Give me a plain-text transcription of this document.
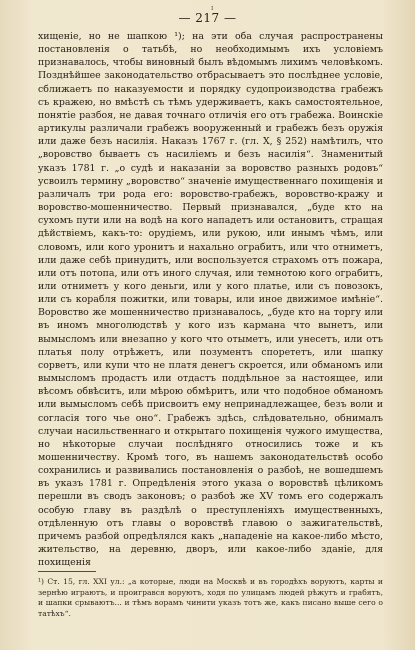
ɪ
— 217 —

хищенiе, но не шапкою ¹); на эти оба случая распространены постановленiя о татьбѣ, но необходимымъ ихъ условiемъ признавалось, чтобы виновный былъ вѣдомымъ лихимъ человѣкомъ. Позднѣйшее законодательство отбрасываетъ это послѣднее условiе, сближаетъ по наказуемости и порядку судопроизводства грабежъ съ кражею, но вмѣстѣ съ тѣмъ удерживаетъ, какъ самостоятельное, понятiе разбоя, не давая точнаго отличiя его отъ грабежа. Воинскiе артикулы различали грабежъ вооруженный и грабежъ безъ оружiя или даже безъ насилiя. Наказъ 1767 г. (гл. X, § 252) намѣтилъ, что „воровство бываетъ съ насилiемъ и безъ насилiя“. Знаменитый указъ 1781 г. „о судѣ и наказанiи за воровство разныхъ родовъ“ усвоилъ термину „воровство“ значенiе имущественнаго похищенiя и различалъ три рода его: воровство-грабежъ, воровство-кражу и воровство-мошенничество. Первый признавался, „буде кто на сухомъ пути или на водѣ на кого нападетъ или остановитъ, стращая дѣйствiемъ, какъ-то: орудiемъ, или рукою, или инымъ чѣмъ, или словомъ, или кого уронитъ и нахально ограбитъ, или что отниметъ, или даже себѣ принудитъ, или воспользуется страхомъ отъ пожара, или отъ потопа, или отъ иного случая, или темнотою кого ограбитъ, или отниметъ у кого деньги, или у кого платье, или съ повозокъ, или съ корабля пожитки, или товары, или иное движимое имѣнiе“. Воровство же мошенничество признавалось, „буде кто на торгу или въ иномъ многолюдствѣ у кого изъ кармана что вынетъ, или вымысломъ или внезапно у кого что отыметъ, или унесетъ, или отъ платья полу отрѣжетъ, или позументъ спорететъ, или шапку сорветъ, или купи что не платя денегъ скроется, или обманомъ или вымысломъ продастъ или отдастъ поддѣльное за настоящее, или вѣсомъ обвѣситъ, или мѣрою обмѣритъ, или что подобное обманомъ или вымысломъ себѣ присвоитъ ему непринадлежащее, безъ воли и согласiя того чье оно“. Грабежъ здѣсь, слѣдовательно, обнималъ случаи насильственнаго и открытаго похищенiя чужого имущества, но нѣкоторые случаи послѣдняго относились тоже и къ мошенничеству. Кромѣ того, въ нашемъ законодательствѣ особо сохранились и развивались постановленiя о разбоѣ, не вошедшемъ въ указъ 1781 г. Опредѣленiя этого указа о воровствѣ цѣликомъ перешли въ сводъ законовъ; о разбоѣ же XV томъ его содержалъ особую главу въ раздѣлѣ о преступленiяхъ имущественныхъ, отдѣленную отъ главы о воровствѣ главою о зажигательствѣ, причемъ разбой опредѣлялся какъ „нападенiе на какое-либо мѣсто, жительство, на деревню, дворъ, или какое-либо зданiе, для похищенiя

¹) Ст. 15, гл. XXI ул.: „а которые, люди на Москвѣ и въ городѣхъ воруютъ, карты и зернѣю играютъ, и проигрався воруютъ, ходя по улицамъ людей рѣжутъ и грабятъ, и шапки срываютъ... и тѣмъ ворамъ чинити указъ тотъ же, какъ писано выше сего о татѣхъ“.
